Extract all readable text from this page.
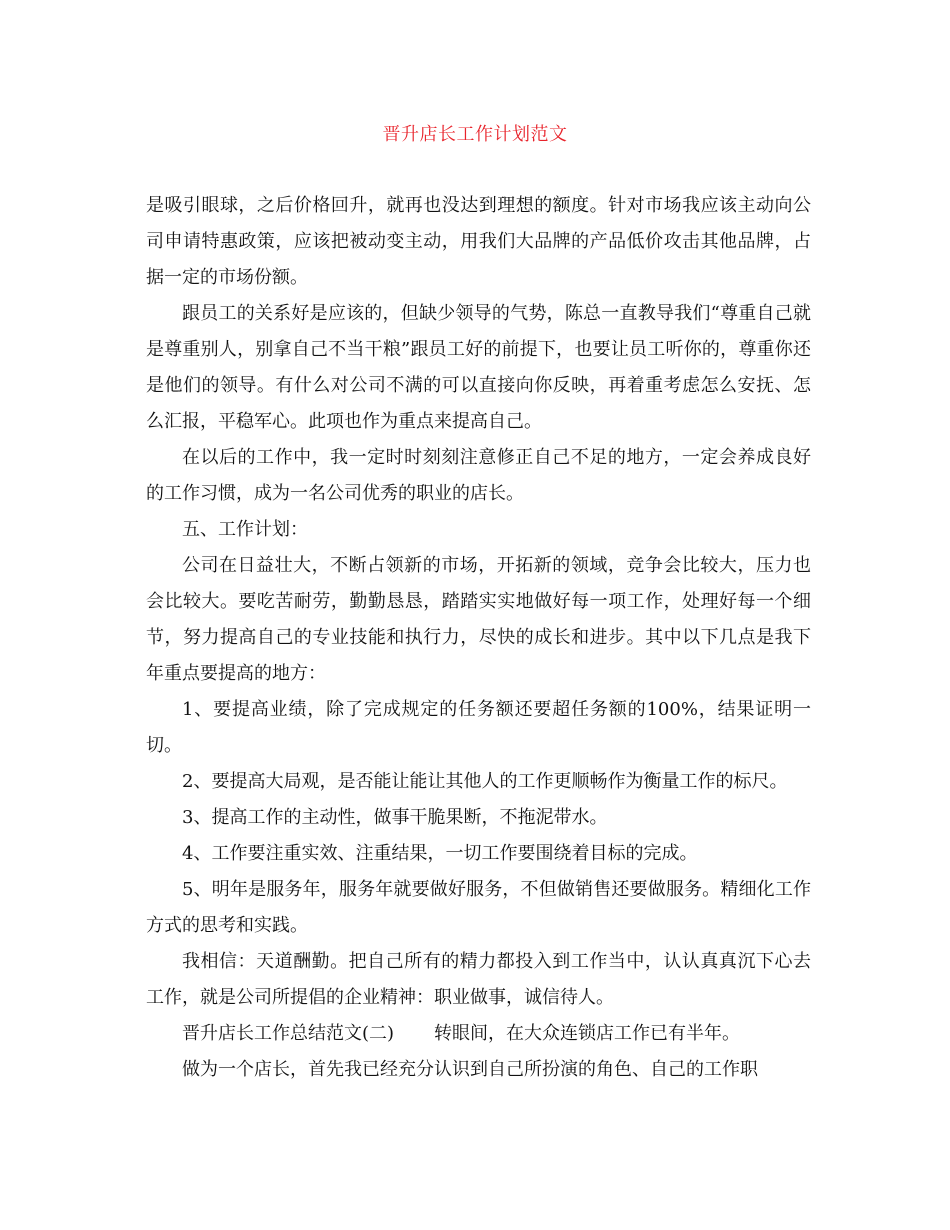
晋升店长工作计划范文

是吸引眼球，之后价格回升，就再也没达到理想的额度。针对市场我应该主动向公司申请特惠政策，应该把被动变主动，用我们大品牌的产品低价攻击其他品牌，占据一定的市场份额。

跟员工的关系好是应该的，但缺少领导的气势，陈总一直教导我们“尊重自己就是尊重别人，别拿自己不当干粮”跟员工好的前提下，也要让员工听你的，尊重你还是他们的领导。有什么对公司不满的可以直接向你反映，再着重考虑怎么安抚、怎么汇报，平稳军心。此项也作为重点来提高自己。

在以后的工作中，我一定时时刻刻注意修正自己不足的地方，一定会养成良好的工作习惯，成为一名公司优秀的职业的店长。

五、工作计划：

公司在日益壮大，不断占领新的市场，开拓新的领域，竞争会比较大，压力也会比较大。要吃苦耐劳，勤勤恳恳，踏踏实实地做好每一项工作，处理好每一个细节，努力提高自己的专业技能和执行力，尽快的成长和进步。其中以下几点是我下年重点要提高的地方：

1、要提高业绩，除了完成规定的任务额还要超任务额的100%，结果证明一切。

2、要提高大局观，是否能让能让其他人的工作更顺畅作为衡量工作的标尺。

3、提高工作的主动性，做事干脆果断，不拖泥带水。

4、工作要注重实效、注重结果，一切工作要围绕着目标的完成。

5、明年是服务年，服务年就要做好服务，不但做销售还要做服务。精细化工作方式的思考和实践。

我相信：天道酬勤。把自己所有的精力都投入到工作当中，认认真真沉下心去工作，就是公司所提倡的企业精神：职业做事，诚信待人。

晋升店长工作总结范文(二) 转眼间，在大众连锁店工作已有半年。

做为一个店长，首先我已经充分认识到自己所扮演的角色、自己的工作职
